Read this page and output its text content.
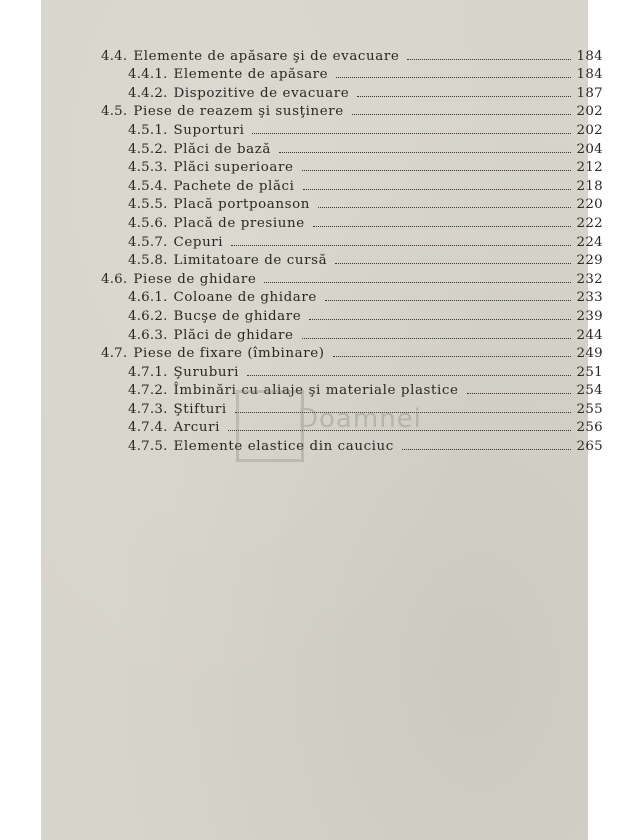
4.4. Elemente de apăsare şi de evacuare	184
4.4.1. Elemente de apăsare	184
4.4.2. Dispozitive de evacuare	187
4.5. Piese de reazem şi susţinere	202
4.5.1. Suporturi	202
4.5.2. Plăci de bază	204
4.5.3. Plăci superioare	212
4.5.4. Pachete de plăci	218
4.5.5. Placă portpoanson	220
4.5.6. Placă de presiune	222
4.5.7. Cepuri	224
4.5.8. Limitatoare de cursă	229
4.6. Piese de ghidare	232
4.6.1. Coloane de ghidare	233
4.6.2. Bucşe de ghidare	239
4.6.3. Plăci de ghidare	244
4.7. Piese de fixare (îmbinare)	249
4.7.1. Şuruburi	251
4.7.2. Îmbinări cu aliaje şi materiale plastice	254
4.7.3. Ştifturi	255
4.7.4. Arcuri	256
4.7.5. Elemente elastice din cauciuc	265
Doamnei
